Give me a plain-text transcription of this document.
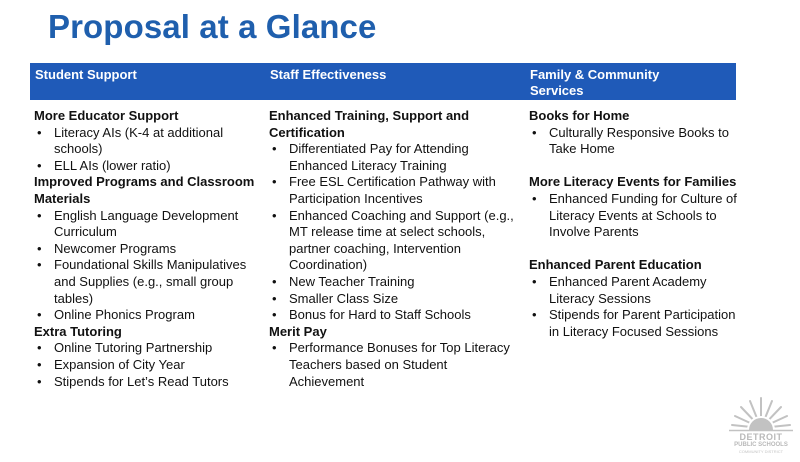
Proposal at a Glance
Student Support	Staff Effectiveness	Family & Community Services
More Educator Support
• Literacy AIs (K-4 at additional schools)
• ELL AIs (lower ratio)
Improved Programs and Classroom Materials
• English Language Development Curriculum
• Newcomer Programs
• Foundational Skills Manipulatives and Supplies (e.g., small group tables)
• Online Phonics Program
Extra Tutoring
• Online Tutoring Partnership
• Expansion of City Year
• Stipends for Let’s Read Tutors
Enhanced Training, Support and Certification
• Differentiated Pay for Attending Enhanced Literacy Training
• Free ESL Certification Pathway with Participation Incentives
• Enhanced Coaching and Support (e.g., MT release time at select schools, partner coaching, Intervention Coordination)
• New Teacher Training
• Smaller Class Size
• Bonus for Hard to Staff Schools
Merit Pay
• Performance Bonuses for Top Literacy Teachers based on Student Achievement
Books for Home
• Culturally Responsive Books to Take Home
More Literacy Events for Families
• Enhanced Funding for Culture of Literacy Events at Schools to Involve Parents
Enhanced Parent Education
• Enhanced Parent Academy Literacy Sessions
• Stipends for Parent Participation in Literacy Focused Sessions
DETROIT
PUBLIC SCHOOLS
COMMUNITY DISTRICT
